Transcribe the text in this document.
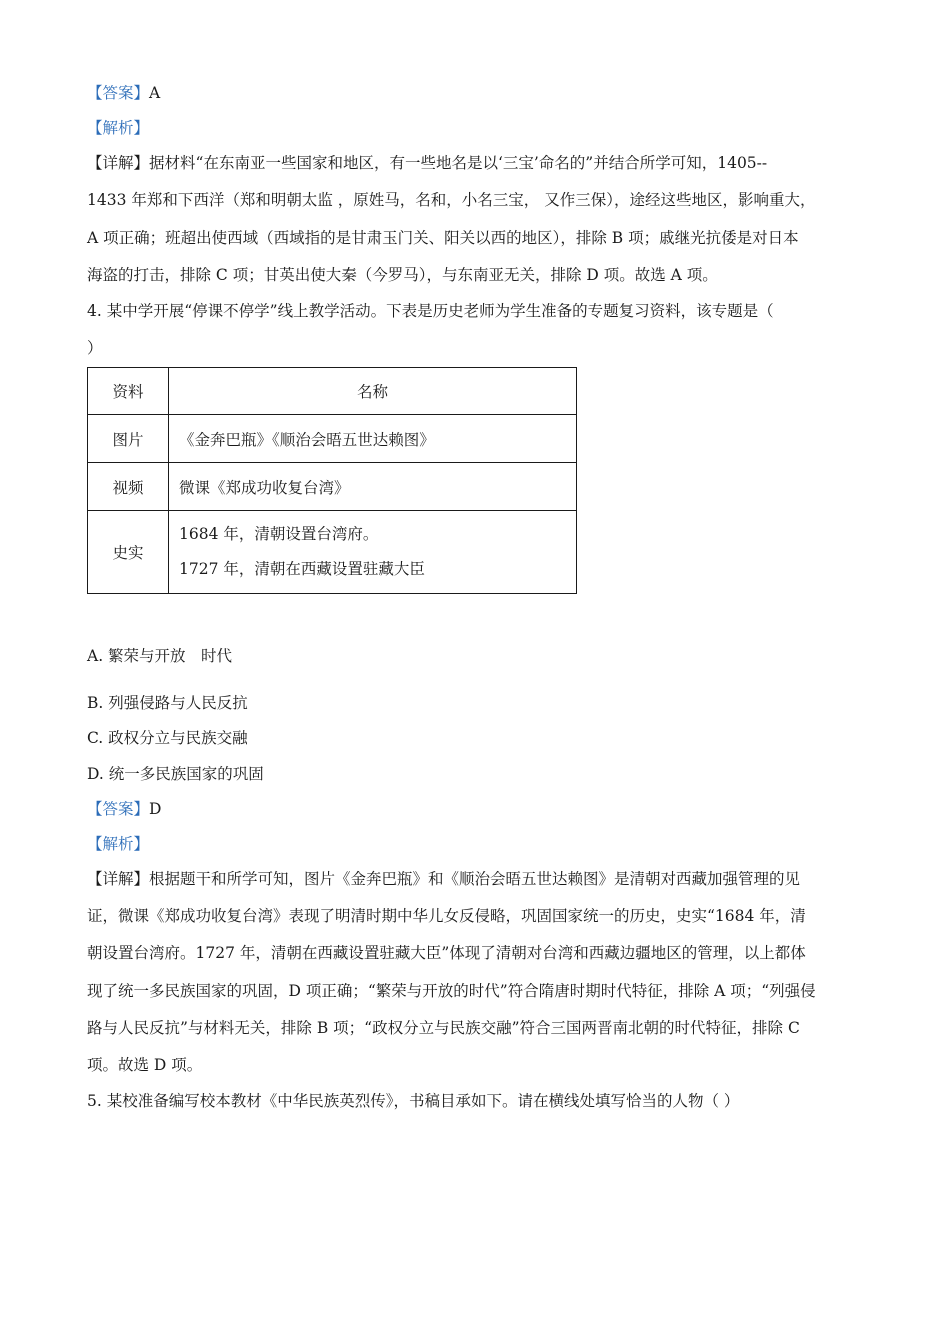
【答案】A
【解析】
【详解】据材料“在东南亚一些国家和地区，有一些地名是以‘三宝’命名的”并结合所学可知，1405--
1433 年郑和下西洋（郑和明朝太监 ，原姓马，名和，小名三宝， 又作三保），途经这些地区，影响重大，
A 项正确；班超出使西域（西域指的是甘肃玉门关、阳关以西的地区），排除 B 项；戚继光抗倭是对日本
海盗的打击，排除 C 项；甘英出使大秦（今罗马），与东南亚无关，排除 D 项。故选 A 项。
4. 某中学开展“停课不停学”线上教学活动。下表是历史老师为学生准备的专题复习资料，该专题是（
）
资料	名称
图片	《金奔巴瓶》《顺治会晤五世达赖图》
视频	微课《郑成功收复台湾》
史实	1684 年，清朝设置台湾府。
1727 年，清朝在西藏设置驻藏大臣
A. 繁荣与开放　时代
B. 列强侵路与人民反抗
C. 政权分立与民族交融
D. 统一多民族国家的巩固
【答案】D
【解析】
【详解】根据题干和所学可知，图片《金奔巴瓶》和《顺治会晤五世达赖图》是清朝对西藏加强管理的见
证，微课《郑成功收复台湾》表现了明清时期中华儿女反侵略，巩固国家统一的历史，史实“1684 年，清
朝设置台湾府。1727 年，清朝在西藏设置驻藏大臣”体现了清朝对台湾和西藏边疆地区的管理，以上都体
现了统一多民族国家的巩固，D 项正确；“繁荣与开放的时代”符合隋唐时期时代特征，排除 A 项；“列强侵
路与人民反抗”与材料无关，排除 B 项；“政权分立与民族交融”符合三国两晋南北朝的时代特征，排除 C
项。故选 D 项。
5. 某校准备编写校本教材《中华民族英烈传》，书稿目承如下。请在横线处填写恰当的人物（ ）
